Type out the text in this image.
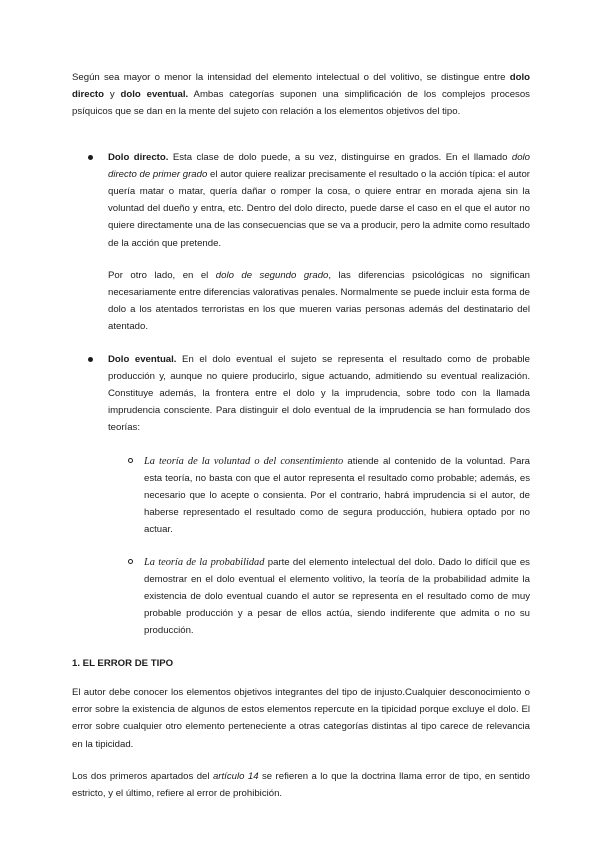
Según sea mayor o menor la intensidad del elemento intelectual o del volitivo, se distingue entre dolo directo y dolo eventual. Ambas categorías suponen una simplificación de los complejos procesos psíquicos que se dan en la mente del sujeto con relación a los elementos objetivos del tipo.

Dolo directo. Esta clase de dolo puede, a su vez, distinguirse en grados. En el llamado dolo directo de primer grado el autor quiere realizar precisamente el resultado o la acción típica: el autor quería matar o matar, quería dañar o romper la cosa, o quiere entrar en morada ajena sin la voluntad del dueño y entra, etc. Dentro del dolo directo, puede darse el caso en el que el autor no quiere directamente una de las consecuencias que se va a producir, pero la admite como resultado de la acción que pretende.

Por otro lado, en el dolo de segundo grado, las diferencias psicológicas no significan necesariamente entre diferencias valorativas penales. Normalmente se puede incluir esta forma de dolo a los atentados terroristas en los que mueren varias personas además del destinatario del atentado.

Dolo eventual. En el dolo eventual el sujeto se representa el resultado como de probable producción y, aunque no quiere producirlo, sigue actuando, admitiendo su eventual realización. Constituye además, la frontera entre el dolo y la imprudencia, sobre todo con la llamada imprudencia consciente. Para distinguir el dolo eventual de la imprudencia se han formulado dos teorías:

La teoría de la voluntad o del consentimiento atiende al contenido de la voluntad. Para esta teoría, no basta con que el autor representa el resultado como probable; además, es necesario que lo acepte o consienta. Por el contrario, habrá imprudencia si el autor, de haberse representado el resultado como de segura producción, hubiera optado por no actuar.

La teoría de la probabilidad parte del elemento intelectual del dolo. Dado lo difícil que es demostrar en el dolo eventual el elemento volitivo, la teoría de la probabilidad admite la existencia de dolo eventual cuando el autor se representa en el resultado como de muy probable producción y a pesar de ellos actúa, siendo indiferente que admita o no su producción.

1. EL ERROR DE TIPO

El autor debe conocer los elementos objetivos integrantes del tipo de injusto.Cualquier desconocimiento o error sobre la existencia de algunos de estos elementos repercute en la tipicidad porque excluye el dolo. El error sobre cualquier otro elemento perteneciente a otras categorías distintas al tipo carece de relevancia en la tipicidad.

Los dos primeros apartados del artículo 14 se refieren a lo que la doctrina llama error de tipo, en sentido estricto, y el último, refiere al error de prohibición.
